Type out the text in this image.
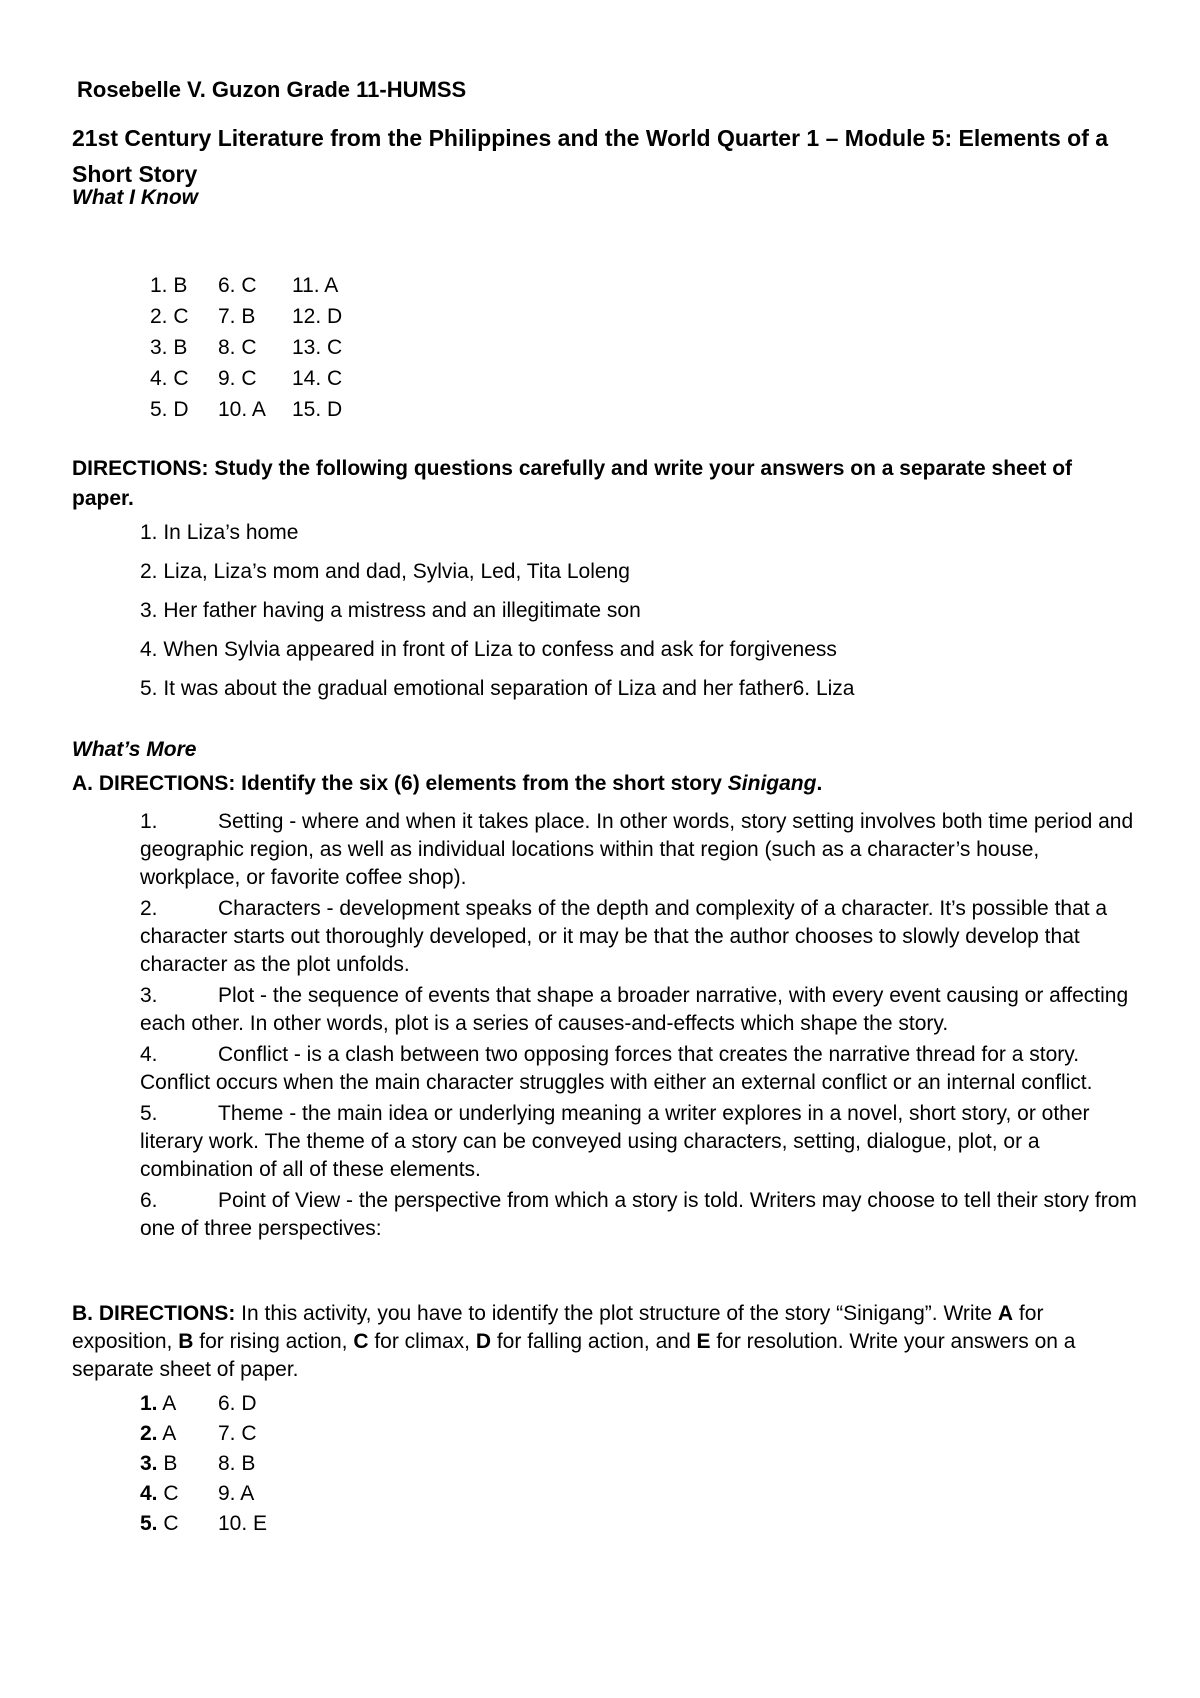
Rosebelle V. Guzon Grade 11-HUMSS
21st Century Literature from the Philippines and the World Quarter 1 – Module 5: Elements of a Short Story
What I Know
1. B	6. C	11. A
2. C	7. B	12. D
3. B	8. C	13. C
4. C	9. C	14. C
5. D	10. A	15. D
DIRECTIONS: Study the following questions carefully and write your answers on a separate sheet of paper.
1. In Liza’s home
2. Liza, Liza’s mom and dad, Sylvia, Led, Tita Loleng
3. Her father having a mistress and an illegitimate son
4. When Sylvia appeared in front of Liza to confess and ask for forgiveness
5. It was about the gradual emotional separation of Liza and her father6. Liza
What’s More
A. DIRECTIONS: Identify the six (6) elements from the short story Sinigang.
1.	Setting - where and when it takes place. In other words, story setting involves both time period and geographic region, as well as individual locations within that region (such as a character’s house, workplace, or favorite coffee shop).
2.	Characters - development speaks of the depth and complexity of a character. It’s possible that a character starts out thoroughly developed, or it may be that the author chooses to slowly develop that character as the plot unfolds.
3.	Plot - the sequence of events that shape a broader narrative, with every event causing or affecting each other. In other words, plot is a series of causes-and-effects which shape the story.
4.	Conflict - is a clash between two opposing forces that creates the narrative thread for a story. Conflict occurs when the main character struggles with either an external conflict or an internal conflict.
5.	Theme - the main idea or underlying meaning a writer explores in a novel, short story, or other literary work. The theme of a story can be conveyed using characters, setting, dialogue, plot, or a combination of all of these elements.
6.	Point of View - the perspective from which a story is told. Writers may choose to tell their story from one of three perspectives:
B. DIRECTIONS: In this activity, you have to identify the plot structure of the story “Sinigang”. Write A for exposition, B for rising action, C for climax, D for falling action, and E for resolution. Write your answers on a separate sheet of paper.
1. A	6. D
2. A	7. C
3. B	8. B
4. C	9. A
5. C	10. E
